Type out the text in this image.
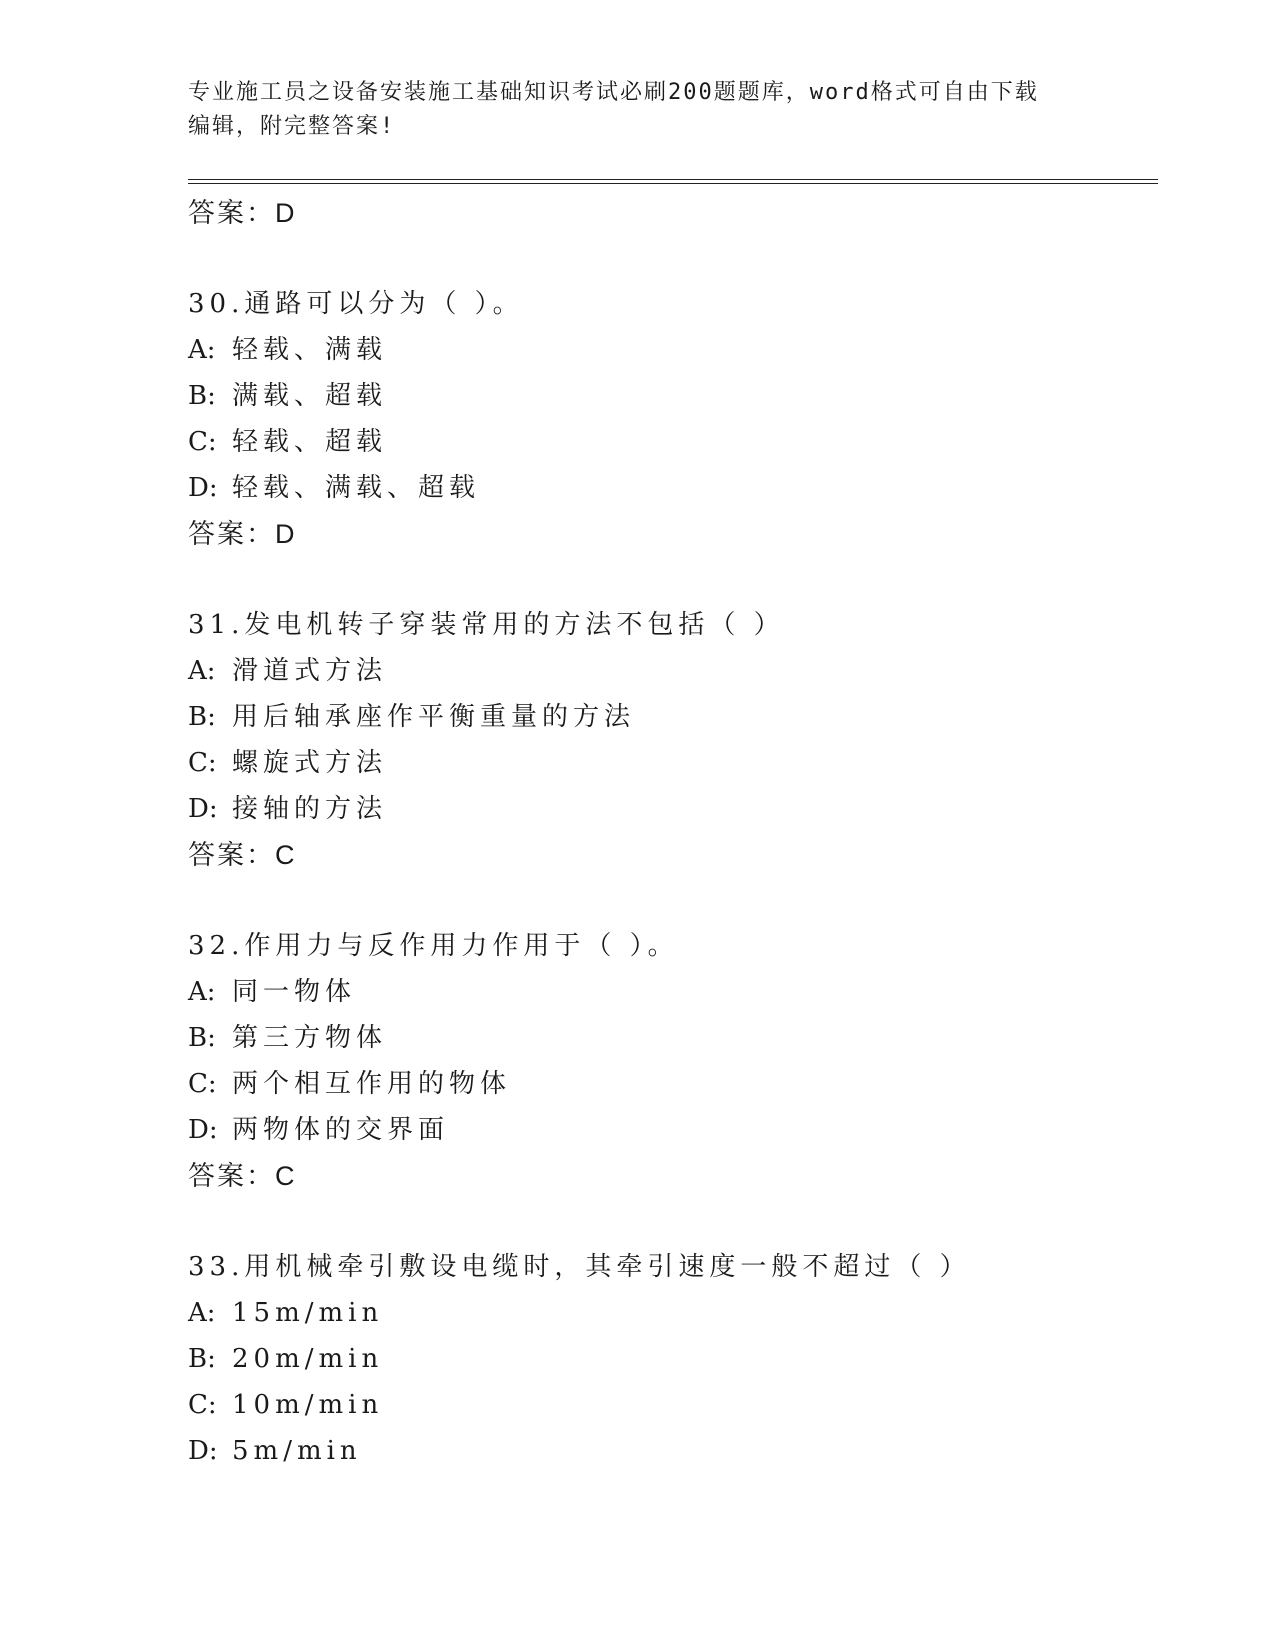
专业施工员之设备安装施工基础知识考试必刷200题题库，word格式可自由下载
编辑，附完整答案!
答案：D
30.通路可以分为（ ）。
A: 轻载、满载
B: 满载、超载
C: 轻载、超载
D: 轻载、满载、超载
答案：D
31.发电机转子穿装常用的方法不包括（ ）
A: 滑道式方法
B: 用后轴承座作平衡重量的方法
C: 螺旋式方法
D: 接轴的方法
答案：C
32.作用力与反作用力作用于（ ）。
A: 同一物体
B: 第三方物体
C: 两个相互作用的物体
D: 两物体的交界面
答案：C
33.用机械牵引敷设电缆时，其牵引速度一般不超过（ ）
A: 15m/min
B: 20m/min
C: 10m/min
D: 5m/min
